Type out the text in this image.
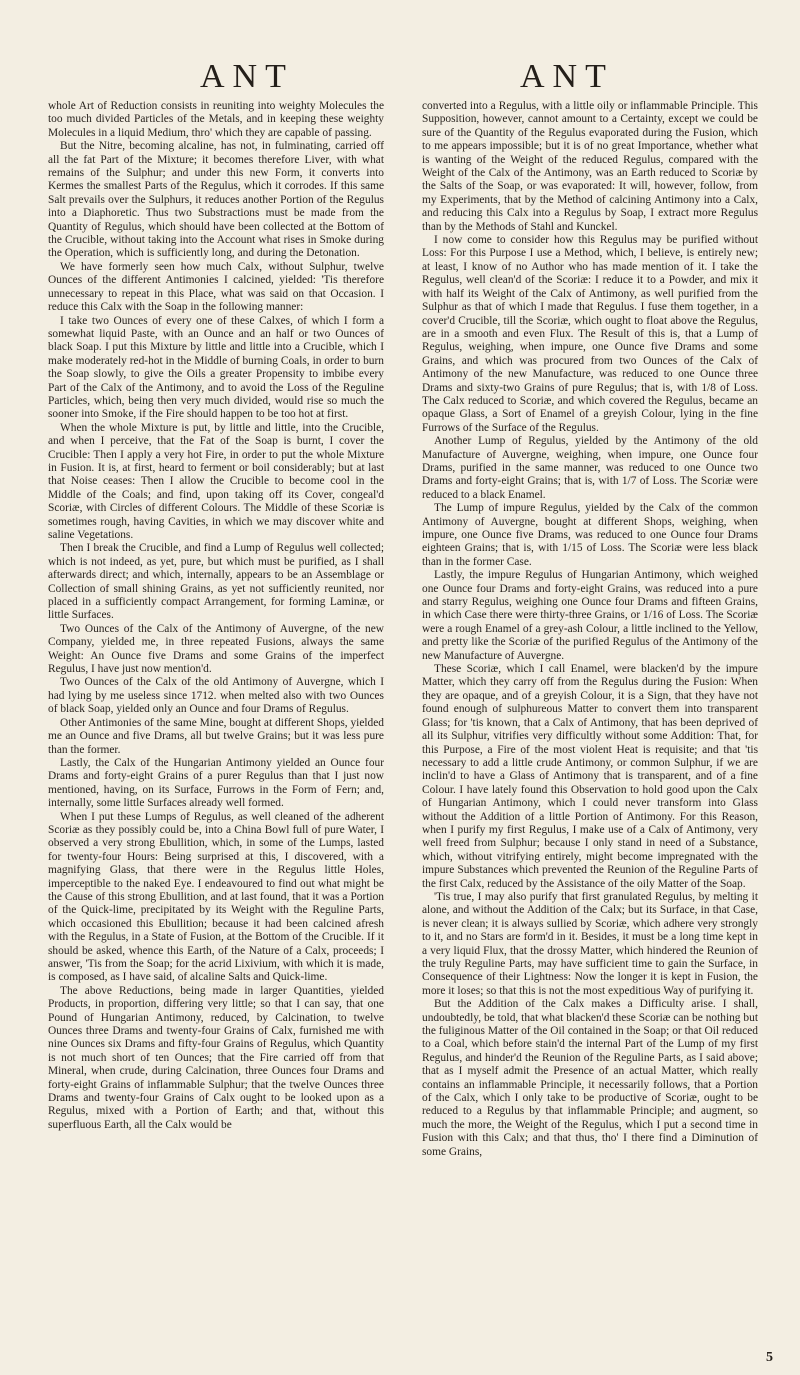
ANT	ANT

whole Art of Reduction consists in reuniting into weighty Molecules the too much divided Particles of the Metals, and in keeping these weighty Molecules in a liquid Medium, thro' which they are capable of passing.

But the Nitre, becoming alcaline, has not, in fulminating, carried off all the fat Part of the Mixture; it becomes therefore Liver, with what remains of the Sulphur; and under this new Form, it converts into Kermes the smallest Parts of the Regulus, which it corrodes. If this same Salt prevails over the Sulphurs, it reduces another Portion of the Regulus into a Diaphoretic. Thus two Substractions must be made from the Quantity of Regulus, which should have been collected at the Bottom of the Crucible, without taking into the Account what rises in Smoke during the Operation, which is sufficiently long, and during the Detonation.

We have formerly seen how much Calx, without Sulphur, twelve Ounces of the different Antimonies I calcined, yielded: 'Tis therefore unnecessary to repeat in this Place, what was said on that Occasion. I reduce this Calx with the Soap in the following manner:

I take two Ounces of every one of these Calxes, of which I form a somewhat liquid Paste, with an Ounce and an half or two Ounces of black Soap. I put this Mixture by little and little into a Crucible, which I make moderately red-hot in the Middle of burning Coals, in order to burn the Soap slowly, to give the Oils a greater Propensity to imbibe every Part of the Calx of the Antimony, and to avoid the Loss of the Reguline Particles, which, being then very much divided, would rise so much the sooner into Smoke, if the Fire should happen to be too hot at first.

When the whole Mixture is put, by little and little, into the Crucible, and when I perceive, that the Fat of the Soap is burnt, I cover the Crucible: Then I apply a very hot Fire, in order to put the whole Mixture in Fusion. It is, at first, heard to ferment or boil considerably; but at last that Noise ceases: Then I allow the Crucible to become cool in the Middle of the Coals; and find, upon taking off its Cover, congeal'd Scoriæ, with Circles of different Colours. The Middle of these Scoriæ is sometimes rough, having Cavities, in which we may discover white and saline Vegetations.

Then I break the Crucible, and find a Lump of Regulus well collected; which is not indeed, as yet, pure, but which must be purified, as I shall afterwards direct; and which, internally, appears to be an Assemblage or Collection of small shining Grains, as yet not sufficiently reunited, nor placed in a sufficiently compact Arrangement, for forming Laminæ, or little Surfaces.

Two Ounces of the Calx of the Antimony of Auvergne, of the new Company, yielded me, in three repeated Fusions, always the same Weight: An Ounce five Drams and some Grains of the imperfect Regulus, I have just now mention'd.

Two Ounces of the Calx of the old Antimony of Auvergne, which I had lying by me useless since 1712. when melted also with two Ounces of black Soap, yielded only an Ounce and four Drams of Regulus.

Other Antimonies of the same Mine, bought at different Shops, yielded me an Ounce and five Drams, all but twelve Grains; but it was less pure than the former.

Lastly, the Calx of the Hungarian Antimony yielded an Ounce four Drams and forty-eight Grains of a purer Regulus than that I just now mentioned, having, on its Surface, Furrows in the Form of Fern; and, internally, some little Surfaces already well formed.

When I put these Lumps of Regulus, as well cleaned of the adherent Scoriæ as they possibly could be, into a China Bowl full of pure Water, I observed a very strong Ebullition, which, in some of the Lumps, lasted for twenty-four Hours: Being surprised at this, I discovered, with a magnifying Glass, that there were in the Regulus little Holes, imperceptible to the naked Eye. I endeavoured to find out what might be the Cause of this strong Ebullition, and at last found, that it was a Portion of the Quick-lime, precipitated by its Weight with the Reguline Parts, which occasioned this Ebullition; because it had been calcined afresh with the Regulus, in a State of Fusion, at the Bottom of the Crucible. If it should be asked, whence this Earth, of the Nature of a Calx, proceeds; I answer, 'Tis from the Soap; for the acrid Lixivium, with which it is made, is composed, as I have said, of alcaline Salts and Quick-lime.

The above Reductions, being made in larger Quantities, yielded Products, in proportion, differing very little; so that I can say, that one Pound of Hungarian Antimony, reduced, by Calcination, to twelve Ounces three Drams and twenty-four Grains of Calx, furnished me with nine Ounces six Drams and fifty-four Grains of Regulus, which Quantity is not much short of ten Ounces; that the Fire carried off from that Mineral, when crude, during Calcination, three Ounces four Drams and forty-eight Grains of inflammable Sulphur; that the twelve Ounces three Drams and twenty-four Grains of Calx ought to be looked upon as a Regulus, mixed with a Portion of Earth; and that, without this superfluous Earth, all the Calx would be

converted into a Regulus, with a little oily or inflammable Principle. This Supposition, however, cannot amount to a Certainty, except we could be sure of the Quantity of the Regulus evaporated during the Fusion, which to me appears impossible; but it is of no great Importance, whether what is wanting of the Weight of the reduced Regulus, compared with the Weight of the Calx of the Antimony, was an Earth reduced to Scoriæ by the Salts of the Soap, or was evaporated: It will, however, follow, from my Experiments, that by the Method of calcining Antimony into a Calx, and reducing this Calx into a Regulus by Soap, I extract more Regulus than by the Methods of Stahl and Kunckel.

I now come to consider how this Regulus may be purified without Loss: For this Purpose I use a Method, which, I believe, is entirely new; at least, I know of no Author who has made mention of it. I take the Regulus, well clean'd of the Scoriæ: I reduce it to a Powder, and mix it with half its Weight of the Calx of Antimony, as well purified from the Sulphur as that of which I made that Regulus. I fuse them together, in a cover'd Crucible, till the Scoriæ, which ought to float above the Regulus, are in a smooth and even Flux. The Result of this is, that a Lump of Regulus, weighing, when impure, one Ounce five Drams and some Grains, and which was procured from two Ounces of the Calx of Antimony of the new Manufacture, was reduced to one Ounce three Drams and sixty-two Grains of pure Regulus; that is, with 1/8 of Loss. The Calx reduced to Scoriæ, and which covered the Regulus, became an opaque Glass, a Sort of Enamel of a greyish Colour, lying in the fine Furrows of the Surface of the Regulus.

Another Lump of Regulus, yielded by the Antimony of the old Manufacture of Auvergne, weighing, when impure, one Ounce four Drams, purified in the same manner, was reduced to one Ounce two Drams and forty-eight Grains; that is, with 1/7 of Loss. The Scoriæ were reduced to a black Enamel.

The Lump of impure Regulus, yielded by the Calx of the common Antimony of Auvergne, bought at different Shops, weighing, when impure, one Ounce five Drams, was reduced to one Ounce four Drams eighteen Grains; that is, with 1/15 of Loss. The Scoriæ were less black than in the former Case.

Lastly, the impure Regulus of Hungarian Antimony, which weighed one Ounce four Drams and forty-eight Grains, was reduced into a pure and starry Regulus, weighing one Ounce four Drams and fifteen Grains, in which Case there were thirty-three Grains, or 1/16 of Loss. The Scoriæ were a rough Enamel of a grey-ash Colour, a little inclined to the Yellow, and pretty like the Scoriæ of the purified Regulus of the Antimony of the new Manufacture of Auvergne.

These Scoriæ, which I call Enamel, were blacken'd by the impure Matter, which they carry off from the Regulus during the Fusion: When they are opaque, and of a greyish Colour, it is a Sign, that they have not found enough of sulphureous Matter to convert them into transparent Glass; for 'tis known, that a Calx of Antimony, that has been deprived of all its Sulphur, vitrifies very difficultly without some Addition: That, for this Purpose, a Fire of the most violent Heat is requisite; and that 'tis necessary to add a little crude Antimony, or common Sulphur, if we are inclin'd to have a Glass of Antimony that is transparent, and of a fine Colour. I have lately found this Observation to hold good upon the Calx of Hungarian Antimony, which I could never transform into Glass without the Addition of a little Portion of Antimony. For this Reason, when I purify my first Regulus, I make use of a Calx of Antimony, very well freed from Sulphur; because I only stand in need of a Substance, which, without vitrifying entirely, might become impregnated with the impure Substances which prevented the Reunion of the Reguline Parts of the first Calx, reduced by the Assistance of the oily Matter of the Soap.

'Tis true, I may also purify that first granulated Regulus, by melting it alone, and without the Addition of the Calx; but its Surface, in that Case, is never clean; it is always sullied by Scoriæ, which adhere very strongly to it, and no Stars are form'd in it. Besides, it must be a long time kept in a very liquid Flux, that the drossy Matter, which hindered the Reunion of the truly Reguline Parts, may have sufficient time to gain the Surface, in Consequence of their Lightness: Now the longer it is kept in Fusion, the more it loses; so that this is not the most expeditious Way of purifying it.

But the Addition of the Calx makes a Difficulty arise. I shall, undoubtedly, be told, that what blacken'd these Scoriæ can be nothing but the fuliginous Matter of the Oil contained in the Soap; or that Oil reduced to a Coal, which before stain'd the internal Part of the Lump of my first Regulus, and hinder'd the Reunion of the Reguline Parts, as I said above; that as I myself admit the Presence of an actual Matter, which really contains an inflammable Principle, it necessarily follows, that a Portion of the Calx, which I only take to be productive of Scoriæ, ought to be reduced to a Regulus by that inflammable Principle; and augment, so much the more, the Weight of the Regulus, which I put a second time in Fusion with this Calx; and that thus, tho' I there find a Diminution of some Grains,

5
